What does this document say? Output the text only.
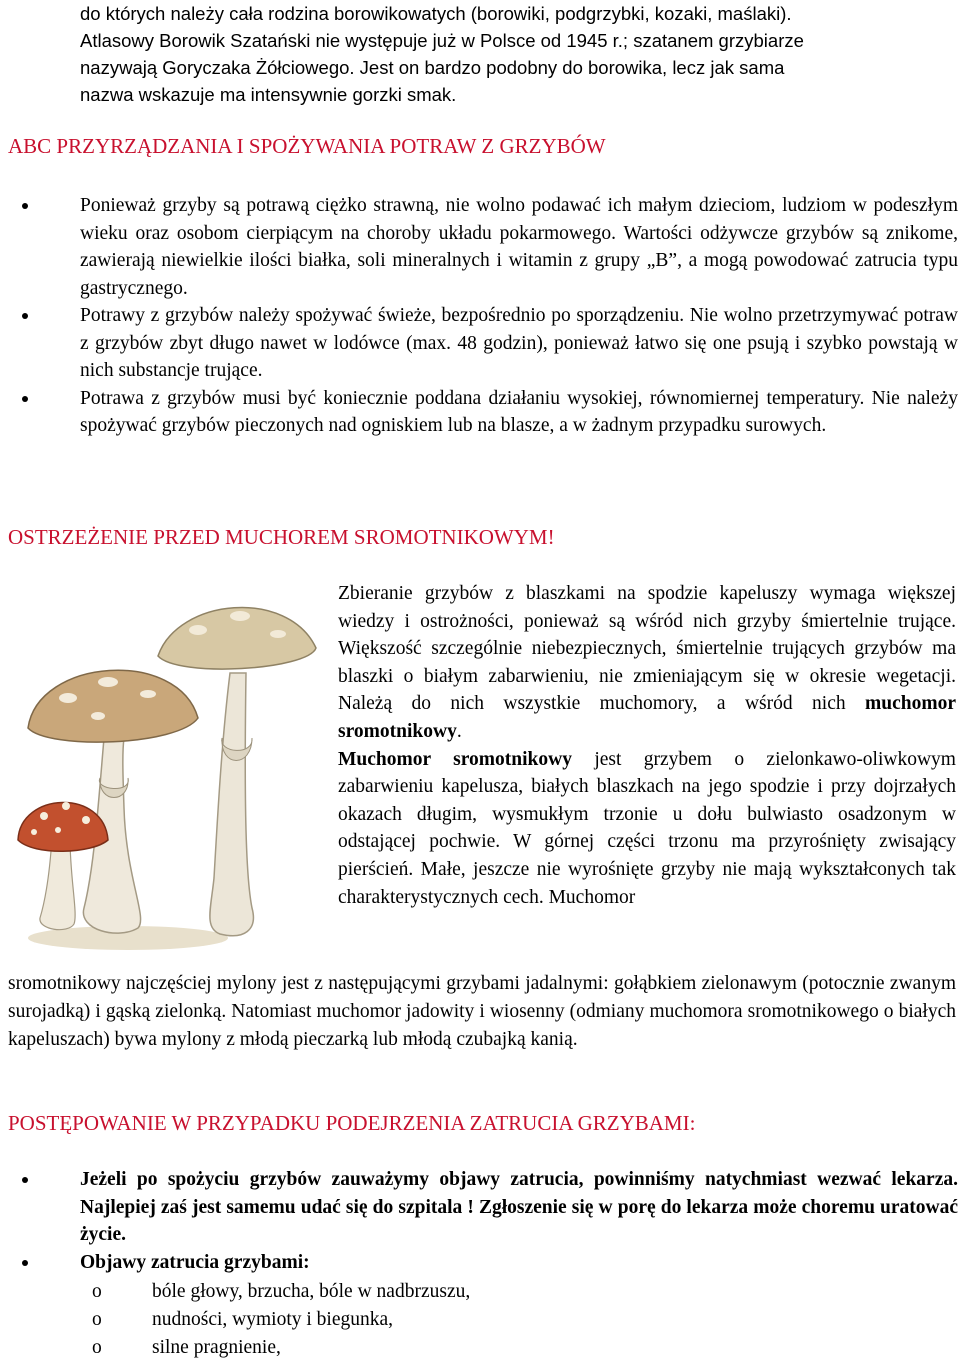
do których należy cała rodzina borowikowatych (borowiki, podgrzybki, kozaki, maślaki).
Atlasowy Borowik Szatański nie występuje już w Polsce od 1945 r.; szatanem grzybiarze
nazywają Goryczaka Żółciowego. Jest on bardzo podobny do borowika, lecz jak sama
nazwa wskazuje ma intensywnie gorzki smak.
ABC PRZYRZĄDZANIA I SPOŻYWANIA POTRAW Z GRZYBÓW
Ponieważ grzyby są potrawą ciężko strawną, nie wolno podawać ich małym dzieciom, ludziom w podeszłym wieku oraz osobom cierpiącym na choroby układu pokarmowego. Wartości odżywcze grzybów są znikome, zawierają niewielkie ilości białka, soli mineralnych i witamin z grupy „B”, a mogą powodować zatrucia typu gastrycznego.
Potrawy z grzybów należy spożywać świeże, bezpośrednio po sporządzeniu. Nie wolno przetrzymywać potraw z grzybów zbyt długo nawet w lodówce (max. 48 godzin), ponieważ łatwo się one psują i szybko powstają w nich substancje trujące.
Potrawa z grzybów musi być koniecznie poddana działaniu wysokiej, równomiernej temperatury. Nie należy spożywać grzybów pieczonych nad ogniskiem lub na blasze, a w żadnym przypadku surowych.
OSTRZEŻENIE PRZED MUCHOREM SROMOTNIKOWYM!

Zbieranie grzybów z blaszkami na spodzie kapeluszy wymaga większej wiedzy i ostrożności, ponieważ są wśród nich grzyby śmiertelnie trujące. Większość szczególnie niebezpiecznych, śmiertelnie trujących grzybów ma blaszki o białym zabarwieniu, nie zmieniającym się w okresie wegetacji. Należą do nich wszystkie muchomory, a wśród nich muchomor sromotnikowy.

Muchomor sromotnikowy jest grzybem o zielonkawo-oliwkowym zabarwieniu kapelusza, białych blaszkach na jego spodzie i przy dojrzałych okazach długim, wysmukłym trzonie u dołu bulwiasto osadzonym w odstającej pochwie. W górnej części trzonu ma przyrośnięty zwisający pierścień. Małe, jeszcze nie wyrośnięte grzyby nie mają wykształconych tak charakterystycznych cech. Muchomor

sromotnikowy najczęściej mylony jest z następującymi grzybami jadalnymi: gołąbkiem zielonawym (potocznie zwanym surojadką) i gąską zielonką. Natomiast muchomor jadowity i wiosenny (odmiany muchomora sromotnikowego o białych kapeluszach) bywa mylony z młodą pieczarką lub młodą czubajką kanią.
POSTĘPOWANIE W PRZYPADKU PODEJRZENIA ZATRUCIA GRZYBAMI:
Jeżeli po spożyciu grzybów zauważymy objawy zatrucia, powinniśmy natychmiast wezwać lekarza. Najlepiej zaś jest samemu udać się do szpitala ! Zgłoszenie się w porę do lekarza może choremu uratować życie.
Objawy zatrucia grzybami:
o	bóle głowy, brzucha, bóle w nadbrzuszu,
o	nudności, wymioty i biegunka,
o	silne pragnienie,
